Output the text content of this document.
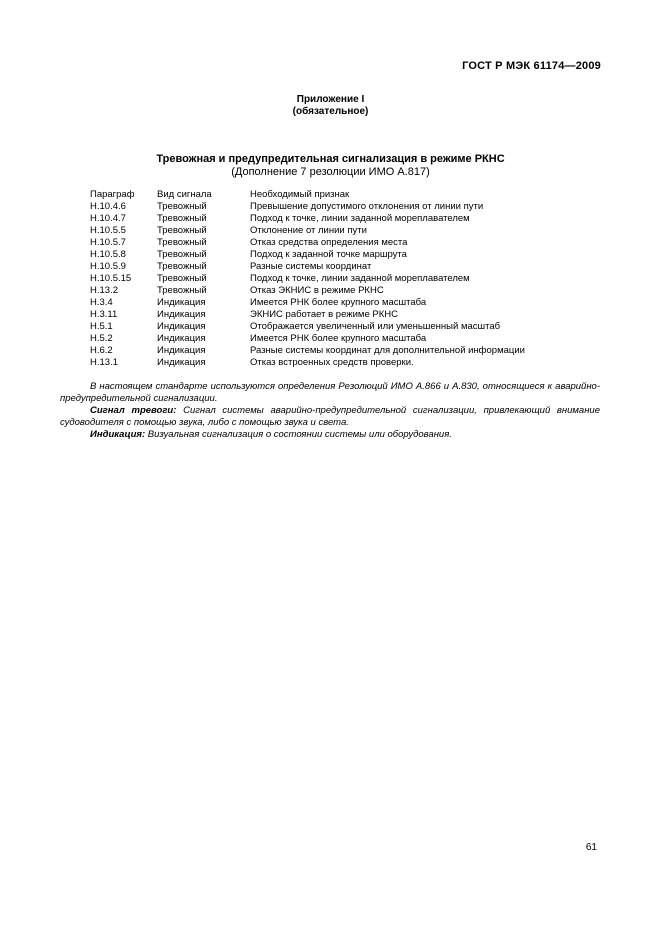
ГОСТ Р МЭК 61174—2009
Приложение I
(обязательное)
Тревожная и предупредительная сигнализация в режиме РКНС
(Дополнение 7 резолюции ИМО А.817)
Параграф	Вид сигнала	Необходимый признак
Н.10.4.6	Тревожный	Превышение допустимого отклонения от линии пути
Н.10.4.7	Тревожный	Подход к точке, линии заданной мореплавателем
Н.10.5.5	Тревожный	Отклонение от линии пути
Н.10.5.7	Тревожный	Отказ средства определения места
Н.10.5.8	Тревожный	Подход к заданной точке маршрута
Н.10.5.9	Тревожный	Разные системы координат
Н.10.5.15	Тревожный	Подход к точке, линии заданной мореплавателем
Н.13.2	Тревожный	Отказ ЭКНИС в режиме РКНС
Н.3.4	Индикация	Имеется РНК более крупного масштаба
Н.3.11	Индикация	ЭКНИС работает в режиме РКНС
Н.5.1	Индикация	Отображается увеличенный или уменьшенный масштаб
Н.5.2	Индикация	Имеется РНК более крупного масштаба
Н.6.2	Индикация	Разные системы координат для дополнительной информации
Н.13.1	Индикация	Отказ встроенных средств проверки.

В настоящем стандарте используются определения Резолюций ИМО А.866 и А.830, относящиеся к аварийно-предупредительной сигнализации.

Сигнал тревоги: Сигнал системы аварийно-предупредительной сигнализации, привлекающий внимание судоводителя с помощью звука, либо с помощью звука и света.

Индикация: Визуальная сигнализация о состоянии системы или оборудования.

61
